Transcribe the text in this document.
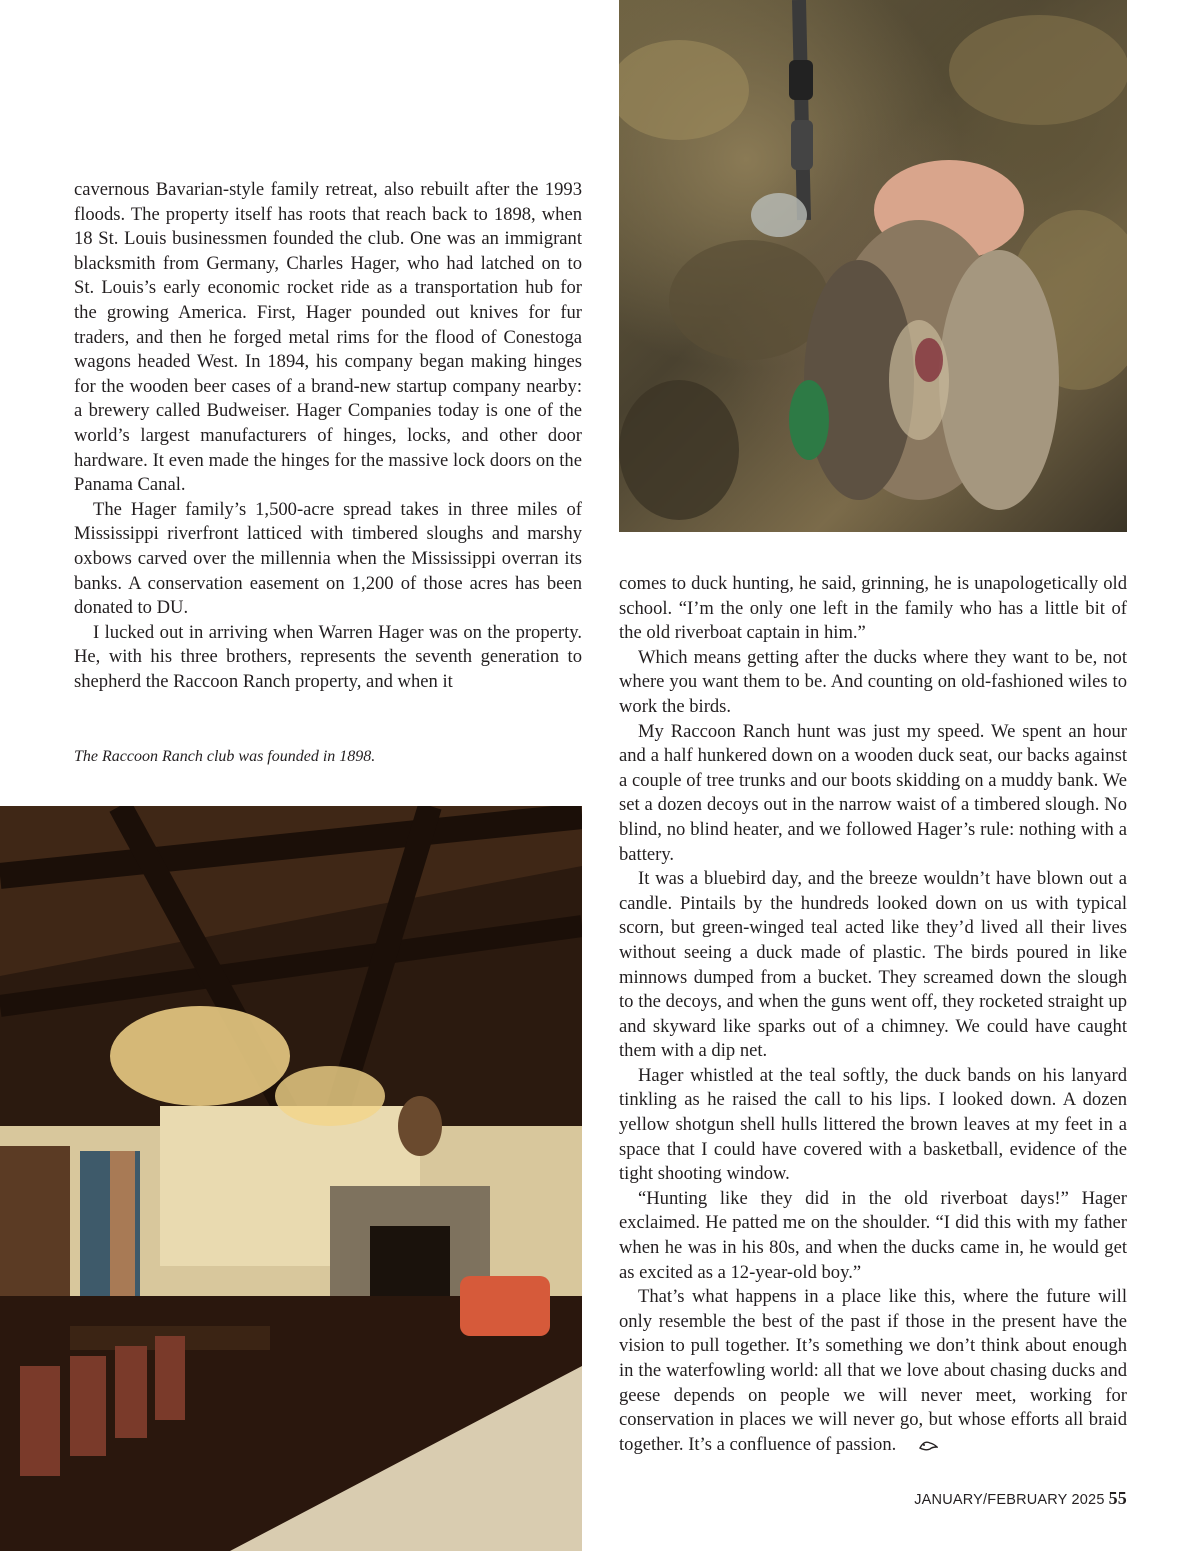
cavernous Bavarian-style family retreat, also rebuilt after the 1993 floods. The property itself has roots that reach back to 1898, when 18 St. Louis businessmen founded the club. One was an immigrant blacksmith from Germany, Charles Hager, who had latched on to St. Louis’s early economic rocket ride as a transportation hub for the growing America. First, Hager pounded out knives for fur traders, and then he forged metal rims for the flood of Conestoga wagons headed West. In 1894, his company began making hinges for the wooden beer cases of a brand-new startup company nearby: a brewery called Budweiser. Hager Companies today is one of the world’s largest manufacturers of hinges, locks, and other door hardware. It even made the hinges for the massive lock doors on the Panama Canal.

The Hager family’s 1,500-acre spread takes in three miles of Mississippi riverfront latticed with timbered sloughs and marshy oxbows carved over the millennia when the Mississippi overran its banks. A conservation easement on 1,200 of those acres has been donated to DU.

I lucked out in arriving when Warren Hager was on the property. He, with his three brothers, represents the seventh generation to shepherd the Raccoon Ranch property, and when it

The Raccoon Ranch club was founded in 1898.

comes to duck hunting, he said, grinning, he is unapologetically old school. “I’m the only one left in the family who has a little bit of the old riverboat captain in him.”

Which means getting after the ducks where they want to be, not where you want them to be. And counting on old-fashioned wiles to work the birds.

My Raccoon Ranch hunt was just my speed. We spent an hour and a half hunkered down on a wooden duck seat, our backs against a couple of tree trunks and our boots skidding on a muddy bank. We set a dozen decoys out in the narrow waist of a timbered slough. No blind, no blind heater, and we followed Hager’s rule: nothing with a battery.

It was a bluebird day, and the breeze wouldn’t have blown out a candle. Pintails by the hundreds looked down on us with typical scorn, but green-winged teal acted like they’d lived all their lives without seeing a duck made of plastic. The birds poured in like minnows dumped from a bucket. They screamed down the slough to the decoys, and when the guns went off, they rocketed straight up and skyward like sparks out of a chimney. We could have caught them with a dip net.

Hager whistled at the teal softly, the duck bands on his lanyard tinkling as he raised the call to his lips. I looked down. A dozen yellow shotgun shell hulls littered the brown leaves at my feet in a space that I could have covered with a basketball, evidence of the tight shooting window.

“Hunting like they did in the old riverboat days!” Hager exclaimed. He patted me on the shoulder. “I did this with my father when he was in his 80s, and when the ducks came in, he would get as excited as a 12-year-old boy.”

That’s what happens in a place like this, where the future will only resemble the best of the past if those in the present have the vision to pull together. It’s something we don’t think about enough in the waterfowling world: all that we love about chasing ducks and geese depends on people we will never meet, working for conservation in places we will never go, but whose efforts all braid together. It’s a confluence of passion.

JANUARY/FEBRUARY 2025 55
